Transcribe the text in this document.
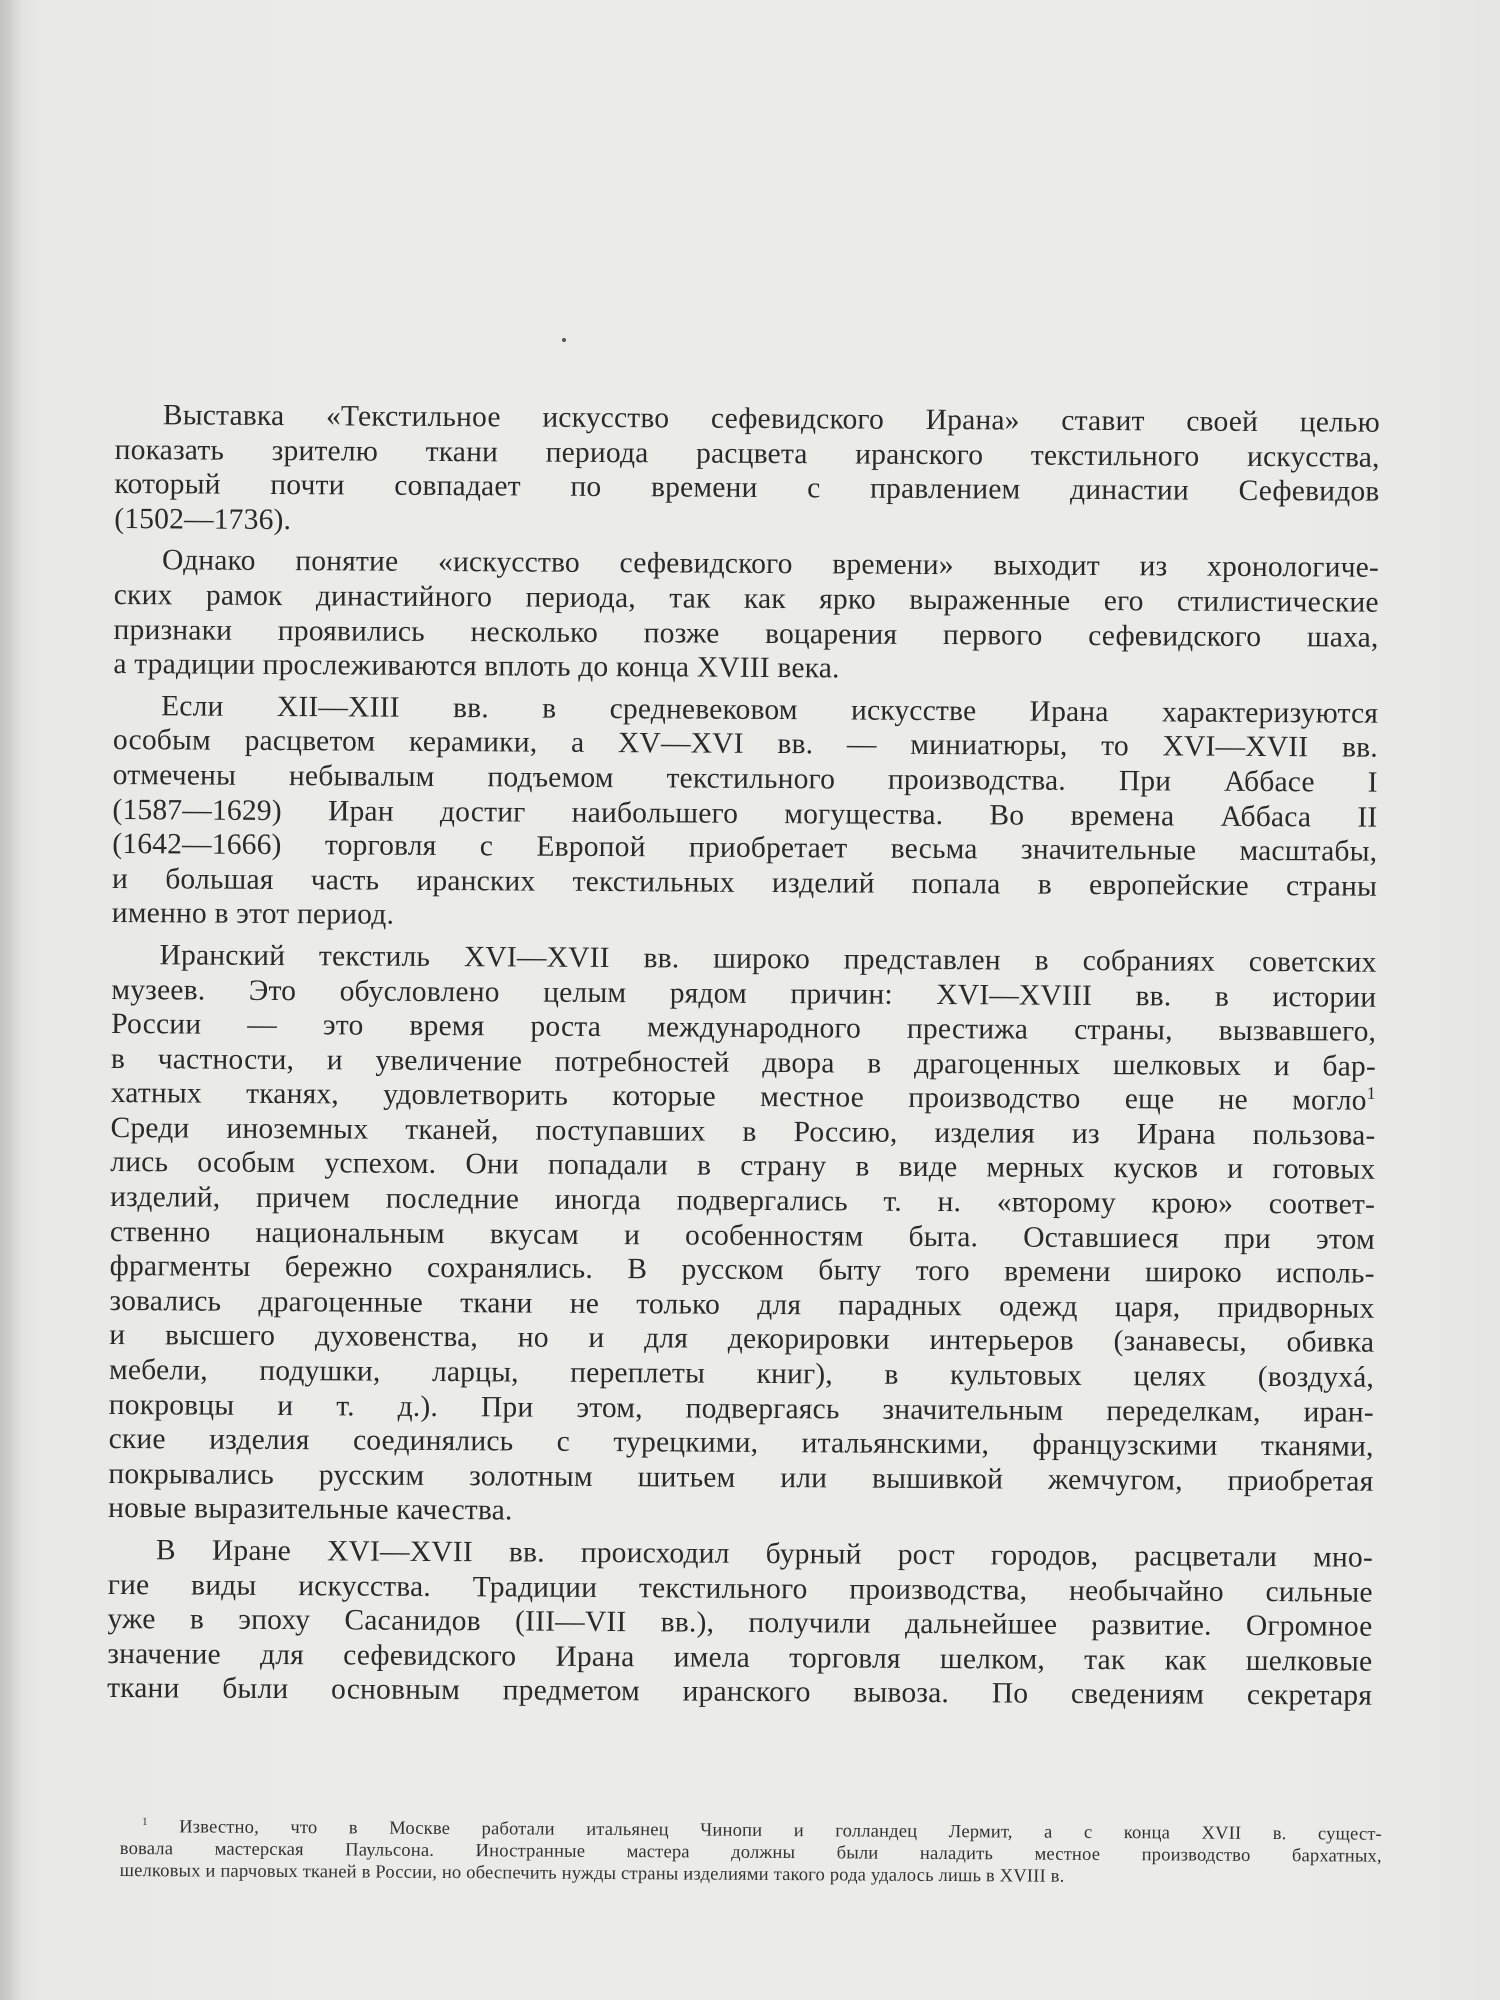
Выставка «Текстильное искусство сефевидского Ирана» ставит своей целью
показать зрителю ткани периода расцвета иранского текстильного искусства,
который почти совпадает по времени с правлением династии Сефевидов
(1502—1736).
Однако понятие «искусство сефевидского времени» выходит из хронологиче-
ских рамок династийного периода, так как ярко выраженные его стилистические
признаки проявились несколько позже воцарения первого сефевидского шаха,
а традиции прослеживаются вплоть до конца XVIII века.
Если XII—XIII вв. в средневековом искусстве Ирана характеризуются
особым расцветом керамики, а XV—XVI вв. — миниатюры, то XVI—XVII вв.
отмечены небывалым подъемом текстильного производства. При Аббасе I
(1587—1629) Иран достиг наибольшего могущества. Во времена Аббаса II
(1642—1666) торговля с Европой приобретает весьма значительные масштабы,
и большая часть иранских текстильных изделий попала в европейские страны
именно в этот период.
Иранский текстиль XVI—XVII вв. широко представлен в собраниях советских
музеев. Это обусловлено целым рядом причин: XVI—XVIII вв. в истории
России — это время роста международного престижа страны, вызвавшего,
в частности, и увеличение потребностей двора в драгоценных шелковых и бар-
хатных тканях, удовлетворить которые местное производство еще не могло$^1$
Среди иноземных тканей, поступавших в Россию, изделия из Ирана пользова-
лись особым успехом. Они попадали в страну в виде мерных кусков и готовых
изделий, причем последние иногда подвергались т. н. «второму крою» соответ-
ственно национальным вкусам и особенностям быта. Оставшиеся при этом
фрагменты бережно сохранялись. В русском быту того времени широко исполь-
зовались драгоценные ткани не только для парадных одежд царя, придворных
и высшего духовенства, но и для декорировки интерьеров (занавесы, обивка
мебели, подушки, ларцы, переплеты книг), в культовых целях (воздухá,
покровцы и т. д.). При этом, подвергаясь значительным переделкам, иран-
ские изделия соединялись с турецкими, итальянскими, французскими тканями,
покрывались русским золотным шитьем или вышивкой жемчугом, приобретая
новые выразительные качества.
В Иране XVI—XVII вв. происходил бурный рост городов, расцветали мно-
гие виды искусства. Традиции текстильного производства, необычайно сильные
уже в эпоху Сасанидов (III—VII вв.), получили дальнейшее развитие. Огромное
значение для сефевидского Ирана имела торговля шелком, так как шелковые
ткани были основным предметом иранского вывоза. По сведениям секретаря
$^1$ Известно, что в Москве работали итальянец Чинопи и голландец Лермит, а с конца XVII в. сущест-
вовала мастерская Паульсона. Иностранные мастера должны были наладить местное производство бархатных,
шелковых и парчовых тканей в России, но обеспечить нужды страны изделиями такого рода удалось лишь в XVIII в.
